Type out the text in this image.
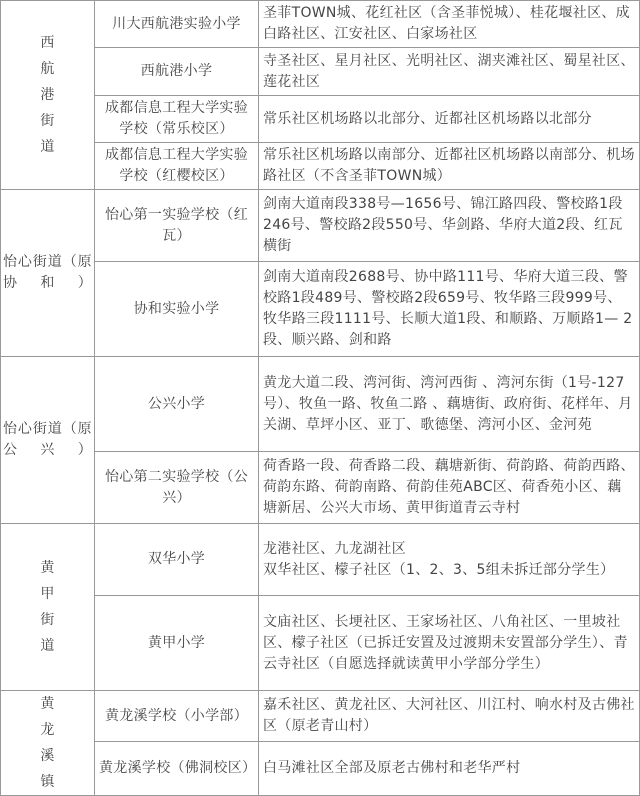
西航港街道	川大西航港实验小学	圣菲TOWN城、花红社区（含圣菲悦城）、桂花堰社区、成白路社区、江安社区、白家场社区
	西航港小学	寺圣社区、星月社区、光明社区、湖夹滩社区、蜀星社区、莲花社区
	成都信息工程大学实验学校（常乐校区）	常乐社区机场路以北部分、近都社区机场路以北部分
	成都信息工程大学实验学校（红樱校区）	常乐社区机场路以南部分、近都社区机场路以南部分、机场路社区（不含圣菲TOWN城）

怡心街道（原协和）	怡心第一实验学校（红瓦）	剑南大道南段338号—1656号、锦江路四段、警校路1段246号、警校路2段550号、华剑路、华府大道2段、红瓦横街
	协和实验小学	剑南大道南段2688号、协中路111号、华府大道三段、警校路1段489号、警校路2段659号、牧华路三段999号、牧华路三段1111号、长顺大道1段、和顺路、万顺路1— 2段、顺兴路、剑和路

怡心街道（原公兴）	公兴小学	黄龙大道二段、湾河街、湾河西街 、湾河东街（1号-127号）、牧鱼一路、牧鱼二路 、藕塘街、政府街、花样年、月关湖、草坪小区、亚丁、歌德堡、湾河小区、金河苑
	怡心第二实验学校（公兴）	荷香路一段、荷香路二段、藕塘新街、荷韵路、荷韵西路、荷韵东路、荷韵南路、荷韵佳苑ABC区、荷香苑小区、藕塘新居、公兴大市场、黄甲街道青云寺村

黄甲街道	双华小学	龙港社区、九龙湖社区
双华社区、檬子社区（1、2、3、5组未拆迁部分学生）
	黄甲小学	文庙社区、长埂社区、王家场社区、八角社区、一里坡社区、檬子社区（已拆迁安置及过渡期未安置部分学生）、青云寺社区（自愿选择就读黄甲小学部分学生）

黄龙溪镇	黄龙溪学校（小学部）	嘉禾社区、黄龙社区、大河社区、川江村、响水村及古佛社区（原老青山村）
	黄龙溪学校（佛洞校区）	白马滩社区全部及原老古佛村和老华严村
